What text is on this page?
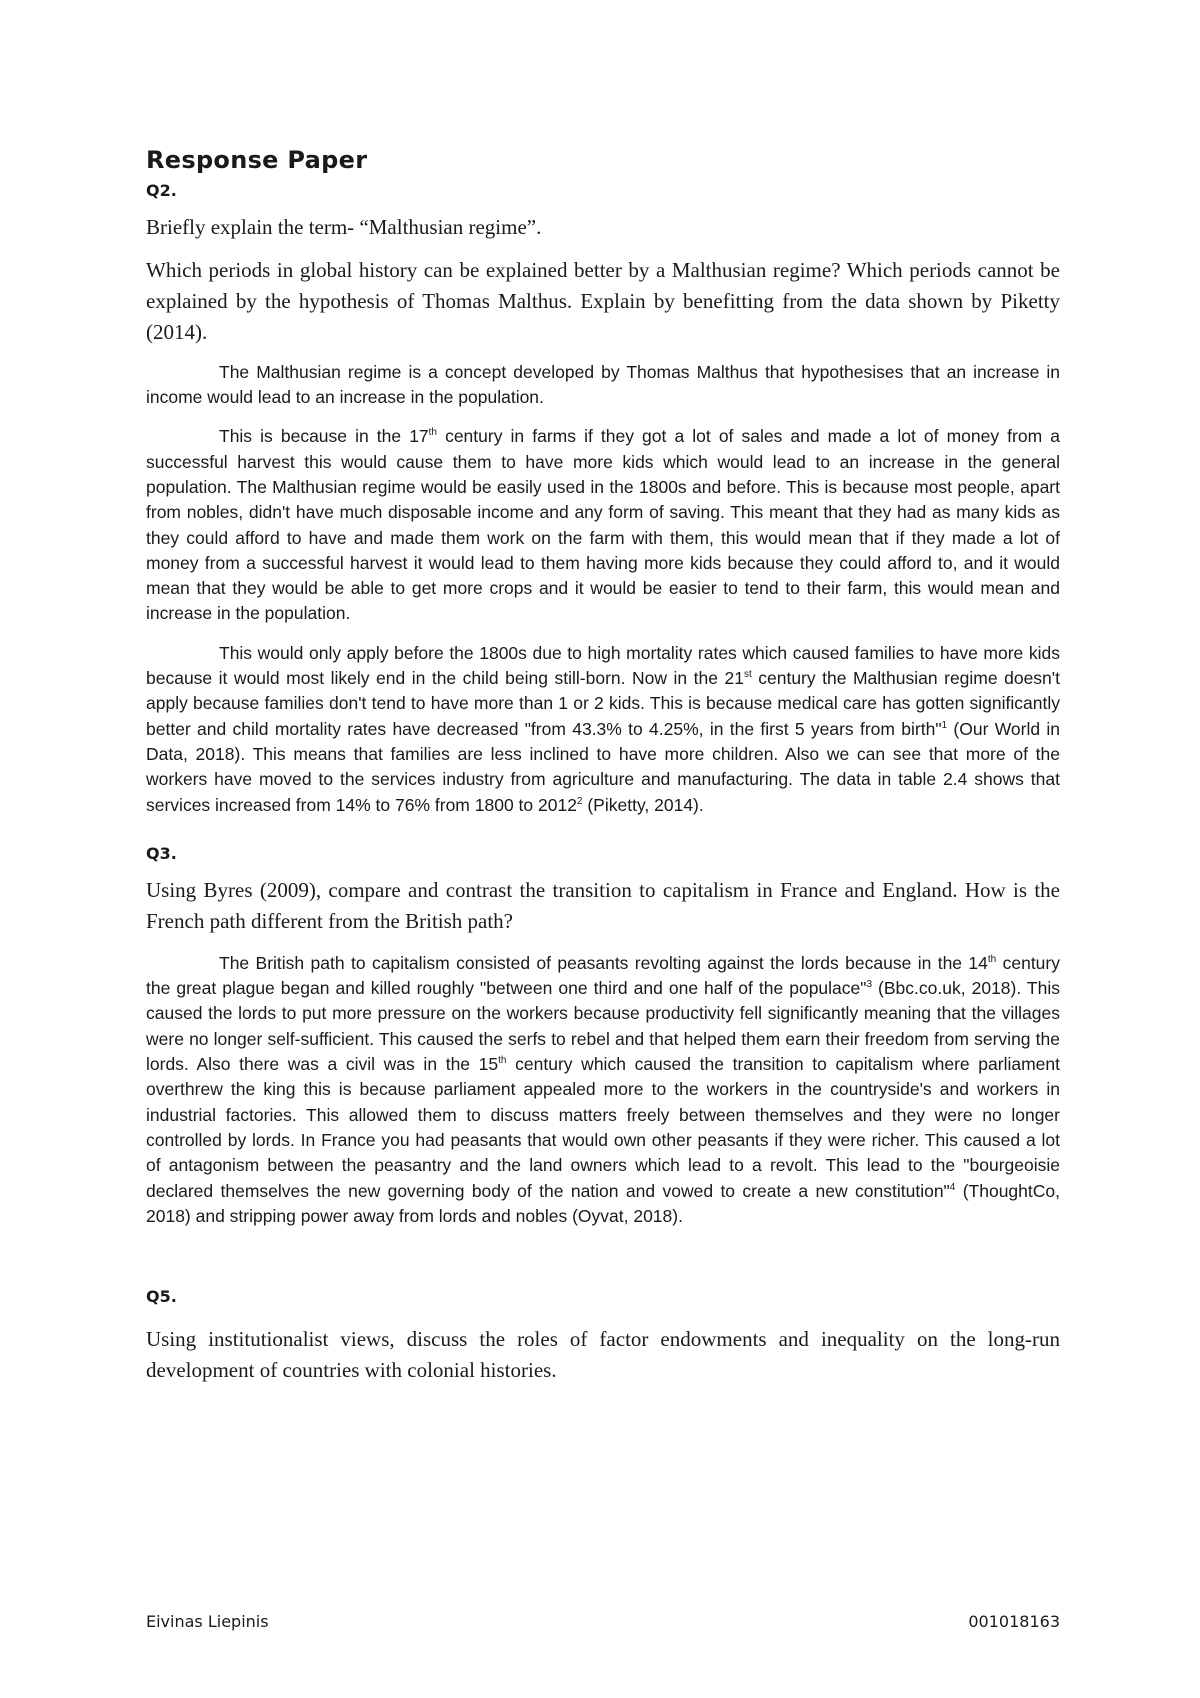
Response Paper

Q2.

Briefly explain the term- “Malthusian regime”.

Which periods in global history can be explained better by a Malthusian regime? Which periods cannot be explained by the hypothesis of Thomas Malthus. Explain by benefitting from the data shown by Piketty (2014).

The Malthusian regime is a concept developed by Thomas Malthus that hypothesises that an increase in income would lead to an increase in the population.

This is because in the 17th century in farms if they got a lot of sales and made a lot of money from a successful harvest this would cause them to have more kids which would lead to an increase in the general population. The Malthusian regime would be easily used in the 1800s and before. This is because most people, apart from nobles, didn't have much disposable income and any form of saving. This meant that they had as many kids as they could afford to have and made them work on the farm with them, this would mean that if they made a lot of money from a successful harvest it would lead to them having more kids because they could afford to, and it would mean that they would be able to get more crops and it would be easier to tend to their farm, this would mean and increase in the population.

This would only apply before the 1800s due to high mortality rates which caused families to have more kids because it would most likely end in the child being still-born. Now in the 21st century the Malthusian regime doesn't apply because families don't tend to have more than 1 or 2 kids. This is because medical care has gotten significantly better and child mortality rates have decreased "from 43.3% to 4.25%, in the first 5 years from birth"$^1$ (Our World in Data, 2018). This means that families are less inclined to have more children. Also we can see that more of the workers have moved to the services industry from agriculture and manufacturing. The data in table 2.4 shows that services increased from 14% to 76% from 1800 to 2012$^2$ (Piketty, 2014).

Q3.

Using Byres (2009), compare and contrast the transition to capitalism in France and England. How is the French path different from the British path?

The British path to capitalism consisted of peasants revolting against the lords because in the 14th century the great plague began and killed roughly "between one third and one half of the populace"$^3$ (Bbc.co.uk, 2018). This caused the lords to put more pressure on the workers because productivity fell significantly meaning that the villages were no longer self-sufficient. This caused the serfs to rebel and that helped them earn their freedom from serving the lords. Also there was a civil was in the 15th century which caused the transition to capitalism where parliament overthrew the king this is because parliament appealed more to the workers in the countryside's and workers in industrial factories. This allowed them to discuss matters freely between themselves and they were no longer controlled by lords. In France you had peasants that would own other peasants if they were richer. This caused a lot of antagonism between the peasantry and the land owners which lead to a revolt. This lead to the "bourgeoisie declared themselves the new governing body of the nation and vowed to create a new constitution"$^4$ (ThoughtCo, 2018) and stripping power away from lords and nobles (Oyvat, 2018).

Q5.

Using institutionalist views, discuss the roles of factor endowments and inequality on the long-run development of countries with colonial histories.

Eivinas Liepinis	001018163
